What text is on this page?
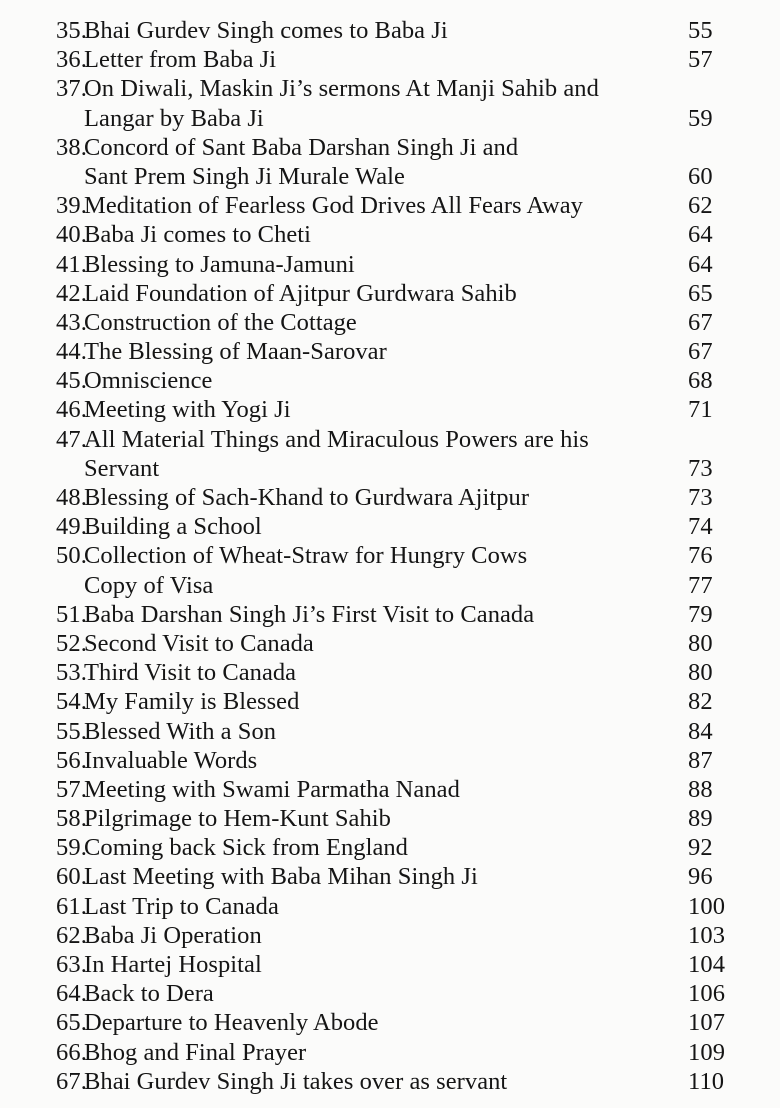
35.
Bhai Gurdev Singh comes to Baba Ji	55
36.
Letter from Baba Ji	57
37.
On Diwali, Maskin Ji’s sermons At Manji Sahib and
Langar by Baba Ji	59
38.
Concord of Sant Baba Darshan Singh Ji and
Sant Prem Singh Ji Murale Wale	60
39.
Meditation of Fearless God Drives All Fears Away	62
40.
Baba Ji comes to Cheti	64
41.
Blessing to Jamuna-Jamuni	64
42.
Laid Foundation of Ajitpur Gurdwara Sahib	65
43.
Construction of the Cottage	67
44.
The Blessing of Maan-Sarovar	67
45.
Omniscience	68
46.
Meeting with Yogi Ji	71
47.
All Material Things and Miraculous Powers are his
Servant	73
48.
Blessing of Sach-Khand to Gurdwara Ajitpur	73
49.
Building a School	74
50.
Collection of Wheat-Straw for Hungry Cows	76
Copy of Visa	77
51.
Baba Darshan Singh Ji’s First Visit to Canada	79
52.
Second Visit to Canada	80
53.
Third Visit to Canada	80
54.
My Family is Blessed	82
55.
Blessed With a Son	84
56.
Invaluable Words	87
57.
Meeting with Swami Parmatha Nanad	88
58.
Pilgrimage to Hem-Kunt Sahib	89
59.
Coming back Sick from England	92
60.
Last Meeting with Baba Mihan Singh Ji	96
61.
Last Trip to Canada	100
62.
Baba Ji Operation	103
63.
In Hartej Hospital	104
64.
Back to Dera	106
65.
Departure to Heavenly Abode	107
66.
Bhog and Final Prayer	109
67.
Bhai Gurdev Singh Ji takes over as servant	110
